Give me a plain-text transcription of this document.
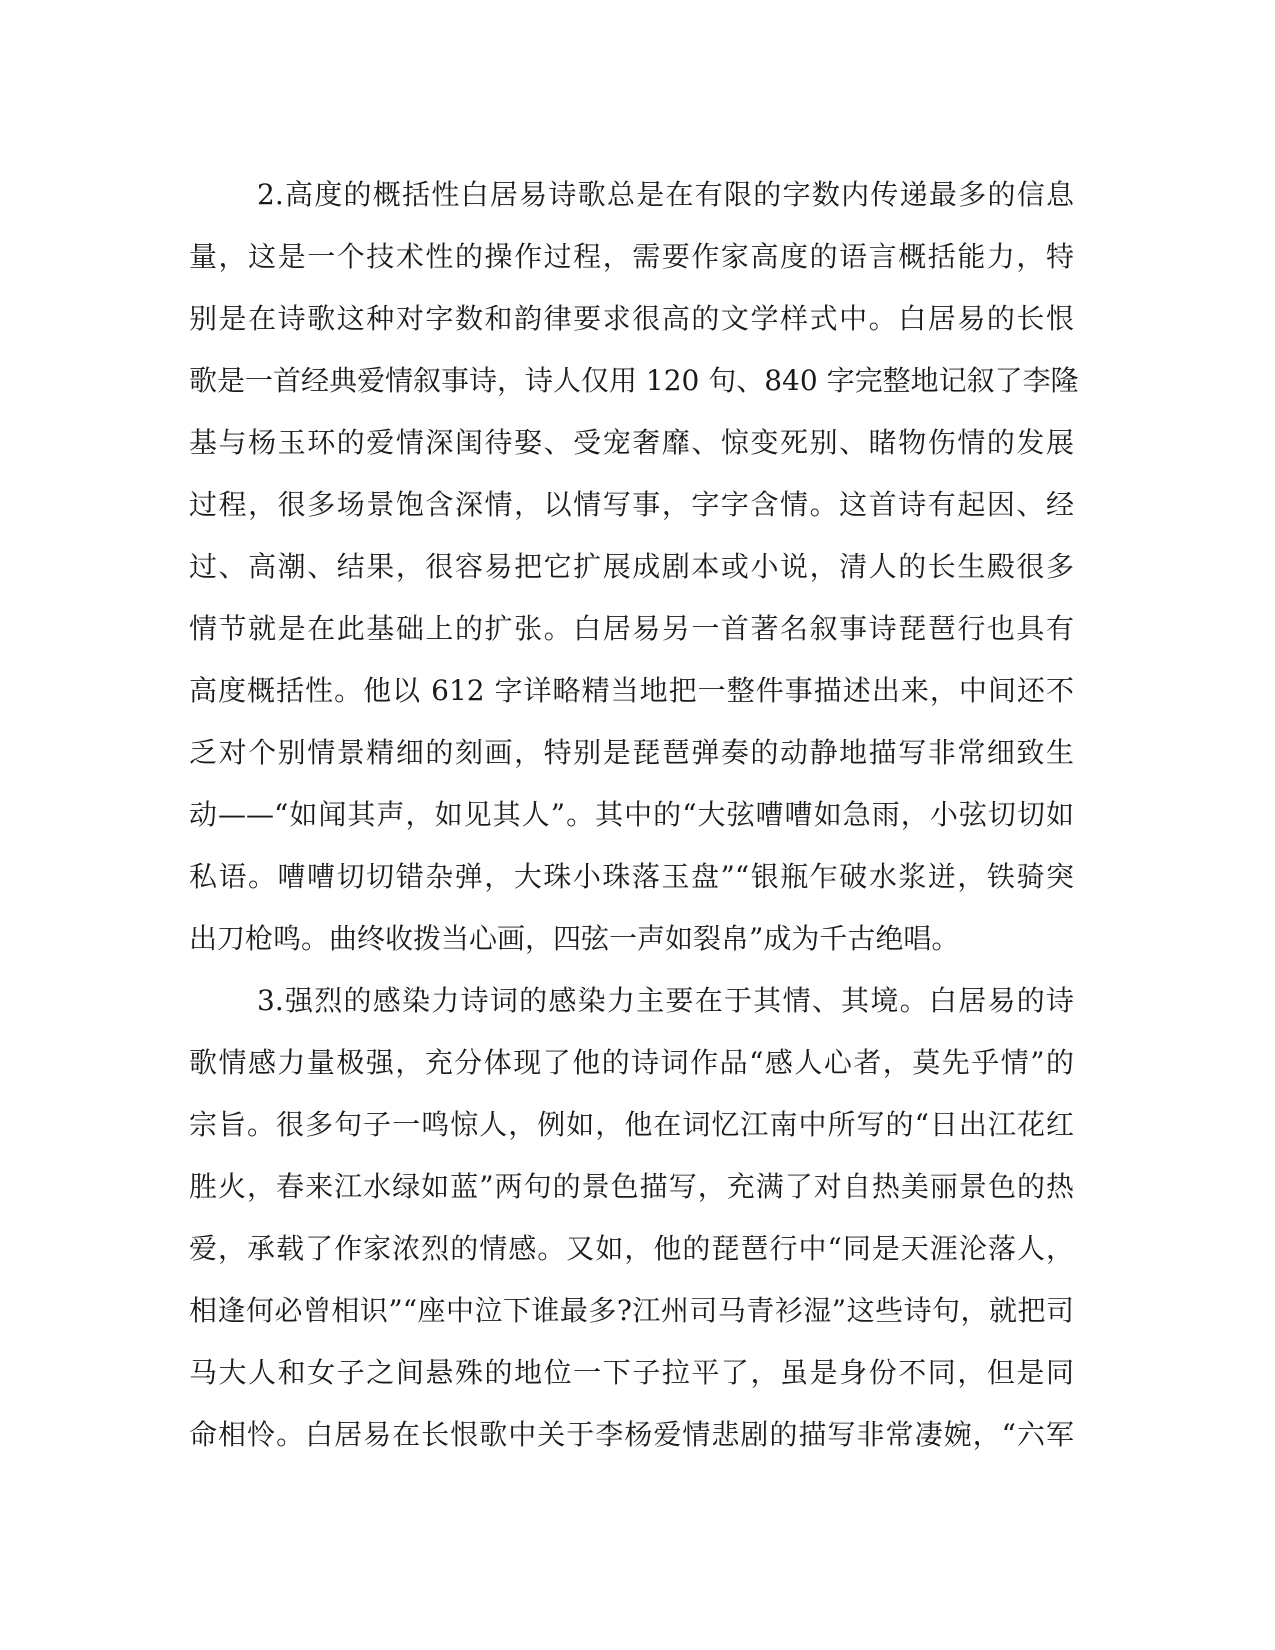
2.高度的概括性白居易诗歌总是在有限的字数内传递最多的信息
量，这是一个技术性的操作过程，需要作家高度的语言概括能力，特
别是在诗歌这种对字数和韵律要求很高的文学样式中。白居易的长恨
歌是一首经典爱情叙事诗，诗人仅用 120 句、840 字完整地记叙了李隆
基与杨玉环的爱情深闺待娶、受宠奢靡、惊变死别、睹物伤情的发展
过程，很多场景饱含深情，以情写事，字字含情。这首诗有起因、经
过、高潮、结果，很容易把它扩展成剧本或小说，清人的长生殿很多
情节就是在此基础上的扩张。白居易另一首著名叙事诗琵琶行也具有
高度概括性。他以 612 字详略精当地把一整件事描述出来，中间还不
乏对个别情景精细的刻画，特别是琵琶弹奏的动静地描写非常细致生
动——“如闻其声，如见其人”。其中的“大弦嘈嘈如急雨，小弦切切如
私语。嘈嘈切切错杂弹，大珠小珠落玉盘”“银瓶乍破水浆迸，铁骑突
出刀枪鸣。曲终收拨当心画，四弦一声如裂帛”成为千古绝唱。
3.强烈的感染力诗词的感染力主要在于其情、其境。白居易的诗
歌情感力量极强，充分体现了他的诗词作品“感人心者，莫先乎情”的
宗旨。很多句子一鸣惊人，例如，他在词忆江南中所写的“日出江花红
胜火，春来江水绿如蓝”两句的景色描写，充满了对自热美丽景色的热
爱，承载了作家浓烈的情感。又如，他的琵琶行中“同是天涯沦落人，
相逢何必曾相识”“座中泣下谁最多?江州司马青衫湿”这些诗句，就把司
马大人和女子之间悬殊的地位一下子拉平了，虽是身份不同，但是同
命相怜。白居易在长恨歌中关于李杨爱情悲剧的描写非常凄婉，“六军
